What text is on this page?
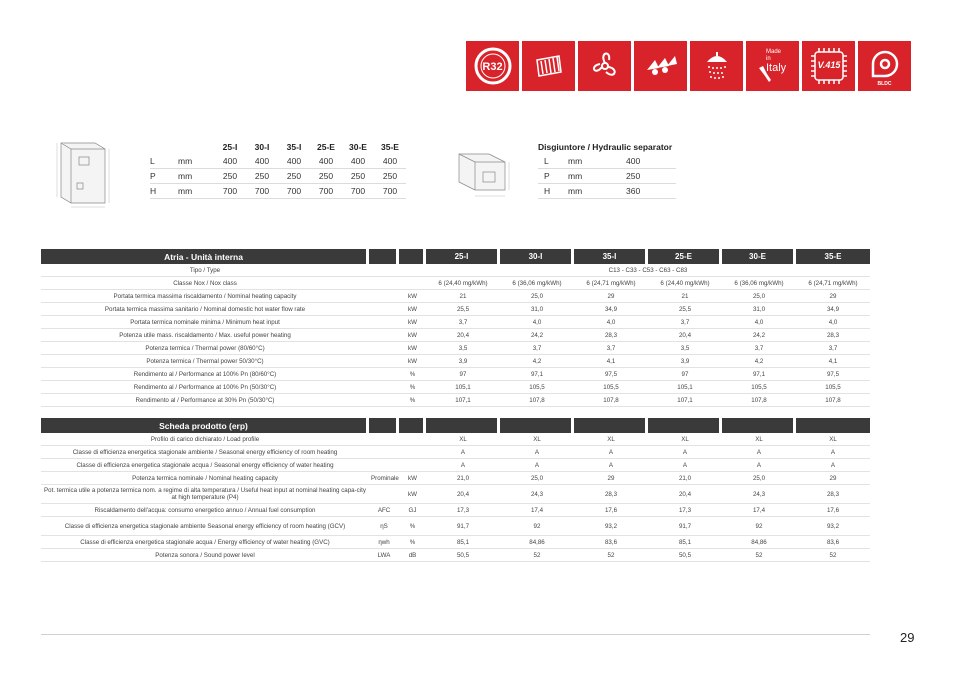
R32
Made
in
Italy	V.415
BLDC
		25-I	30-I	35-I	25-E	30-E	35-E
L	mm	400	400	400	400	400	400
P	mm	250	250	250	250	250	250
H	mm	700	700	700	700	700	700
Disgiuntore / Hydraulic separator		
L	mm	400
P	mm	250
H	mm	360
Atria - Unità interna			25-I	30-I	35-I	25-E	30-E	35-E
Tipo / Type			C13 - C33 - C53 - C63 - C83					
Classe Nox / Nox class			6 (24,40 mg/kWh)	6 (36,06 mg/kWh)	6 (24,71 mg/kWh)	6 (24,40 mg/kWh)	6 (36,06 mg/kWh)	6 (24,71 mg/kWh)
Portata termica massima riscaldamento / Nominal heating capacity		kW	21	25,0	29	21	25,0	29
Portata termica massima sanitario / Nominal domestic hot water flow rate		kW	25,5	31,0	34,9	25,5	31,0	34,9
Portata termica nominale minima / Minimum heat input		kW	3,7	4,0	4,0	3,7	4,0	4,0
Potenza utile mass. riscaldamento / Max. useful power heating		kW	20,4	24,2	28,3	20,4	24,2	28,3
Potenza termica / Thermal power (80/60°C)		kW	3,5	3,7	3,7	3,5	3,7	3,7
Potenza termica / Thermal power 50/30°C)		kW	3,9	4,2	4,1	3,9	4,2	4,1
Rendimento al / Performance at 100% Pn (80/60°C)		%	97	97,1	97,5	97	97,1	97,5
Rendimento al / Performance at 100% Pn (50/30°C)		%	105,1	105,5	105,5	105,1	105,5	105,5
Rendimento al / Performance at 30% Pn (50/30°C)		%	107,1	107,8	107,8	107,1	107,8	107,8
Scheda prodotto (erp)								
Profilo di carico dichiarato / Load profile			XL	XL	XL	XL	XL	XL
Classe di efficienza energetica stagionale ambiente / Seasonal energy efficiency of room heating			A	A	A	A	A	A
Classe di efficienza energetica stagionale acqua / Seasonal energy efficiency of water heating			A	A	A	A	A	A
Potenza termica nominale / Nominal heating capacity	Prominale	kW	21,0	25,0	29	21,0	25,0	29
Pot. termica utile a potenza termica nom. a regime di alta temperatura / Useful heat input at nominal heating capa-city at high temperature (P4)		kW	20,4	24,3	28,3	20,4	24,3	28,3
Riscaldamento dell'acqua: consumo energetico annuo / Annual fuel consumption	AFC	GJ	17,3	17,4	17,6	17,3	17,4	17,6
Classe di efficienza energetica stagionale ambiente Seasonal energy efficiency of room heating (GCV)	ηS	%	91,7	92	93,2	91,7	92	93,2
Classe di efficienza energetica stagionale acqua / Energy efficiency of water heating (GVC)	ηwh	%	85,1	84,86	83,6	85,1	84,86	83,6
Potenza sonora / Sound power level	LWA	dB	50,5	52	52	50,5	52	52
29
